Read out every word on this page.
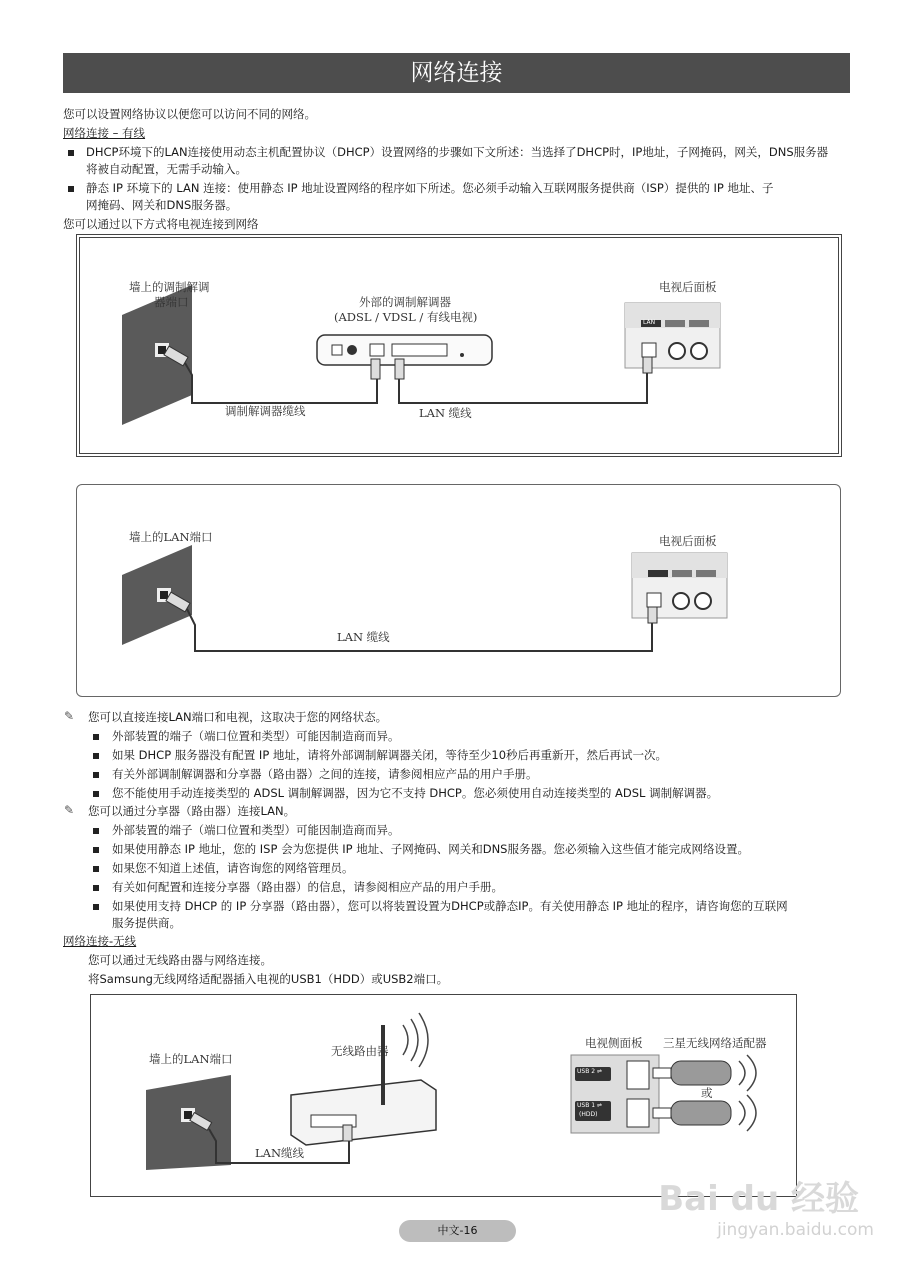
网络连接
您可以设置网络协议以便您可以访问不同的网络。
网络连接 – 有线
DHCP环境下的LAN连接使用动态主机配置协议（DHCP）设置网络的步骤如下文所述：当选择了DHCP时，IP地址，子网掩码，网关，DNS服务器
将被自动配置，无需手动输入。
静态 IP 环境下的 LAN 连接：使用静态 IP 地址设置网络的程序如下所述。您必须手动输入互联网服务提供商（ISP）提供的 IP 地址、子
网掩码、网关和DNS服务器。
您可以通过以下方式将电视连接到网络
墙上的调制解调
器端口	外部的调制解调器
(ADSL / VDSL / 有线电视)
电视后面板
调制解调器缆线	LAN 缆线
LAN
墙上的LAN端口	电视后面板
LAN 缆线
✎ 您可以直接连接LAN端口和电视，这取决于您的网络状态。
外部装置的端子（端口位置和类型）可能因制造商而异。
如果 DHCP 服务器没有配置 IP 地址，请将外部调制解调器关闭，等待至少10秒后再重新开，然后再试一次。
有关外部调制解调器和分享器（路由器）之间的连接，请参阅相应产品的用户手册。
您不能使用手动连接类型的 ADSL 调制解调器，因为它不支持 DHCP。您必须使用自动连接类型的 ADSL 调制解调器。
✎ 您可以通过分享器（路由器）连接LAN。
外部装置的端子（端口位置和类型）可能因制造商而异。
如果使用静态 IP 地址，您的 ISP 会为您提供 IP 地址、子网掩码、网关和DNS服务器。您必须输入这些值才能完成网络设置。
如果您不知道上述值，请咨询您的网络管理员。
有关如何配置和连接分享器（路由器）的信息，请参阅相应产品的用户手册。
如果使用支持 DHCP 的 IP 分享器（路由器），您可以将装置设置为DHCP或静态IP。有关使用静态 IP 地址的程序，请咨询您的互联网
服务提供商。
网络连接-无线
您可以通过无线路由器与网络连接。
将Samsung无线网络适配器插入电视的USB1（HDD）或USB2端口。
墙上的LAN端口
无线路由器
LAN缆线
电视侧面板 三星无线网络适配器
或
USB 2 ⇌
USB 1 ⇌
(HDD)
中文-16
Bai du 经验
jingyan.baidu.com
